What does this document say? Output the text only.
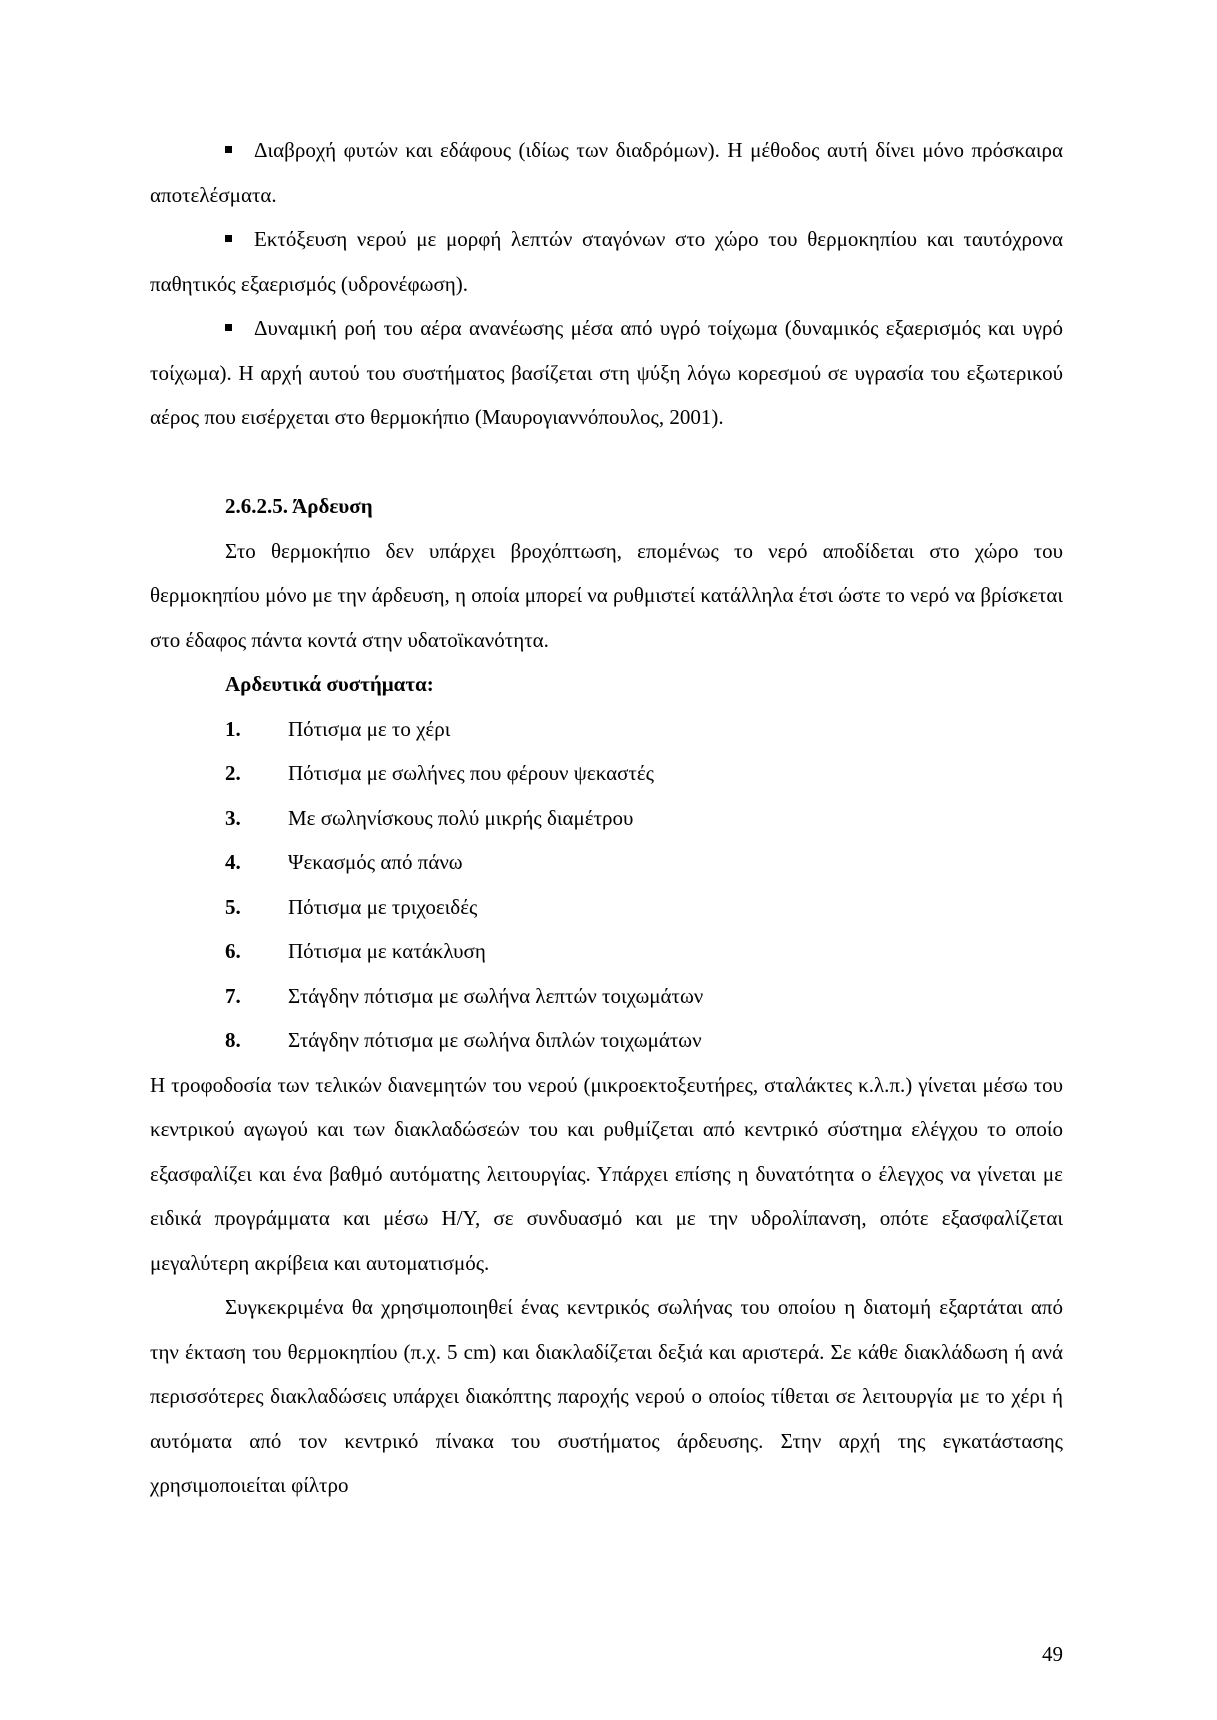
Διαβροχή φυτών και εδάφους (ιδίως των διαδρόμων). Η μέθοδος αυτή δίνει μόνο πρόσκαιρα αποτελέσματα.

Εκτόξευση νερού με μορφή λεπτών σταγόνων στο χώρο του θερμοκηπίου και ταυτόχρονα παθητικός εξαερισμός (υδρονέφωση).

Δυναμική ροή του αέρα ανανέωσης μέσα από υγρό τοίχωμα (δυναμικός εξαερισμός και υγρό τοίχωμα). Η αρχή αυτού του συστήματος βασίζεται στη ψύξη λόγω κορεσμού σε υγρασία του εξωτερικού αέρος που εισέρχεται στο θερμοκήπιο (Μαυρογιαννόπουλος, 2001).

2.6.2.5. Άρδευση

Στο θερμοκήπιο δεν υπάρχει βροχόπτωση, επομένως το νερό αποδίδεται στο χώρο του θερμοκηπίου μόνο με την άρδευση, η οποία μπορεί να ρυθμιστεί κατάλληλα έτσι ώστε το νερό να βρίσκεται στο έδαφος πάντα κοντά στην υδατοϊκανότητα.

Αρδευτικά συστήματα:

1. Πότισμα με το χέρι
2. Πότισμα με σωλήνες που φέρουν ψεκαστές
3. Με σωληνίσκους πολύ μικρής διαμέτρου
4. Ψεκασμός από πάνω
5. Πότισμα με τριχοειδές
6. Πότισμα με κατάκλυση
7. Στάγδην πότισμα με σωλήνα λεπτών τοιχωμάτων
8. Στάγδην πότισμα με σωλήνα διπλών τοιχωμάτων

Η τροφοδοσία των τελικών διανεμητών του νερού (μικροεκτοξευτήρες, σταλάκτες κ.λ.π.) γίνεται μέσω του κεντρικού αγωγού και των διακλαδώσεών του και ρυθμίζεται από κεντρικό σύστημα ελέγχου το οποίο εξασφαλίζει και ένα βαθμό αυτόματης λειτουργίας. Υπάρχει επίσης η δυνατότητα ο έλεγχος να γίνεται με ειδικά προγράμματα και μέσω Η/Υ, σε συνδυασμό και με την υδρολίπανση, οπότε εξασφαλίζεται μεγαλύτερη ακρίβεια και αυτοματισμός.

Συγκεκριμένα θα χρησιμοποιηθεί ένας κεντρικός σωλήνας του οποίου η διατομή εξαρτάται από την έκταση του θερμοκηπίου (π.χ. 5 cm) και διακλαδίζεται δεξιά και αριστερά. Σε κάθε διακλάδωση ή ανά περισσότερες διακλαδώσεις υπάρχει διακόπτης παροχής νερού ο οποίος τίθεται σε λειτουργία με το χέρι ή αυτόματα από τον κεντρικό πίνακα του συστήματος άρδευσης. Στην αρχή της εγκατάστασης χρησιμοποιείται φίλτρο

49
